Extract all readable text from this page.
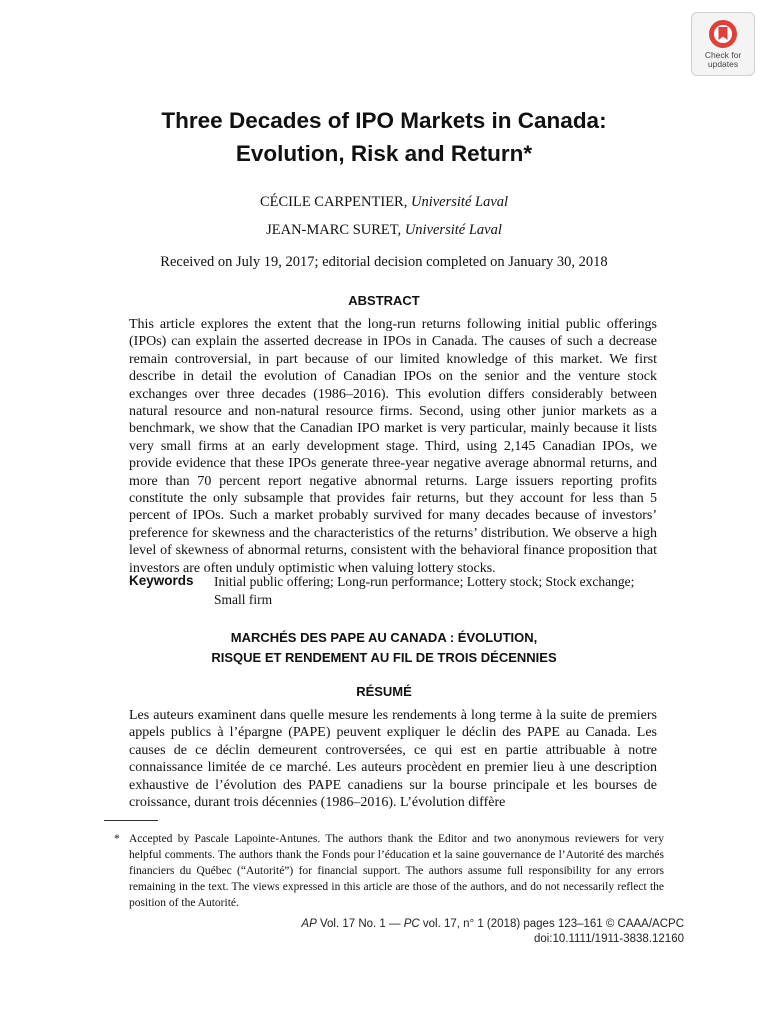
Check for
updates
Three Decades of IPO Markets in Canada:
Evolution, Risk and Return*
CÉCILE CARPENTIER, Université Laval
JEAN-MARC SURET, Université Laval
Received on July 19, 2017; editorial decision completed on January 30, 2018
ABSTRACT
This article explores the extent that the long-run returns following initial public offerings (IPOs) can explain the asserted decrease in IPOs in Canada. The causes of such a decrease remain controversial, in part because of our limited knowledge of this market. We first describe in detail the evolution of Canadian IPOs on the senior and the venture stock exchanges over three decades (1986–2016). This evolution differs considerably between natural resource and non-natural resource firms. Second, using other junior markets as a benchmark, we show that the Canadian IPO market is very particular, mainly because it lists very small firms at an early development stage. Third, using 2,145 Canadian IPOs, we provide evidence that these IPOs generate three-year negative average abnormal returns, and more than 70 percent report negative abnormal returns. Large issuers reporting profits constitute the only subsample that provides fair returns, but they account for less than 5 percent of IPOs. Such a market probably survived for many decades because of investors’ preference for skewness and the characteristics of the returns’ distribution. We observe a high level of skewness of abnormal returns, consistent with the behavioral finance proposition that investors are often unduly optimistic when valuing lottery stocks.
Keywords Initial public offering; Long-run performance; Lottery stock; Stock exchange; Small firm
MARCHÉS DES PAPE AU CANADA : ÉVOLUTION,
RISQUE ET RENDEMENT AU FIL DE TROIS DÉCENNIES
RÉSUMÉ
Les auteurs examinent dans quelle mesure les rendements à long terme à la suite de premiers appels publics à l’épargne (PAPE) peuvent expliquer le déclin des PAPE au Canada. Les causes de ce déclin demeurent controversées, ce qui est en partie attribuable à notre connaissance limitée de ce marché. Les auteurs procèdent en premier lieu à une description exhaustive de l’évolution des PAPE canadiens sur la bourse principale et les bourses de croissance, durant trois décennies (1986–2016). L’évolution diffère
* Accepted by Pascale Lapointe-Antunes. The authors thank the Editor and two anonymous reviewers for very helpful comments. The authors thank the Fonds pour l’éducation et la saine gouvernance de l’Autorité des marchés financiers du Québec (“Autorité”) for financial support. The authors assume full responsibility for any errors remaining in the text. The views expressed in this article are those of the authors, and do not necessarily reflect the position of the Autorité.
AP Vol. 17 No. 1 — PC vol. 17, n° 1 (2018) pages 123–161 © CAAA/ACPC
doi:10.1111/1911-3838.12160
